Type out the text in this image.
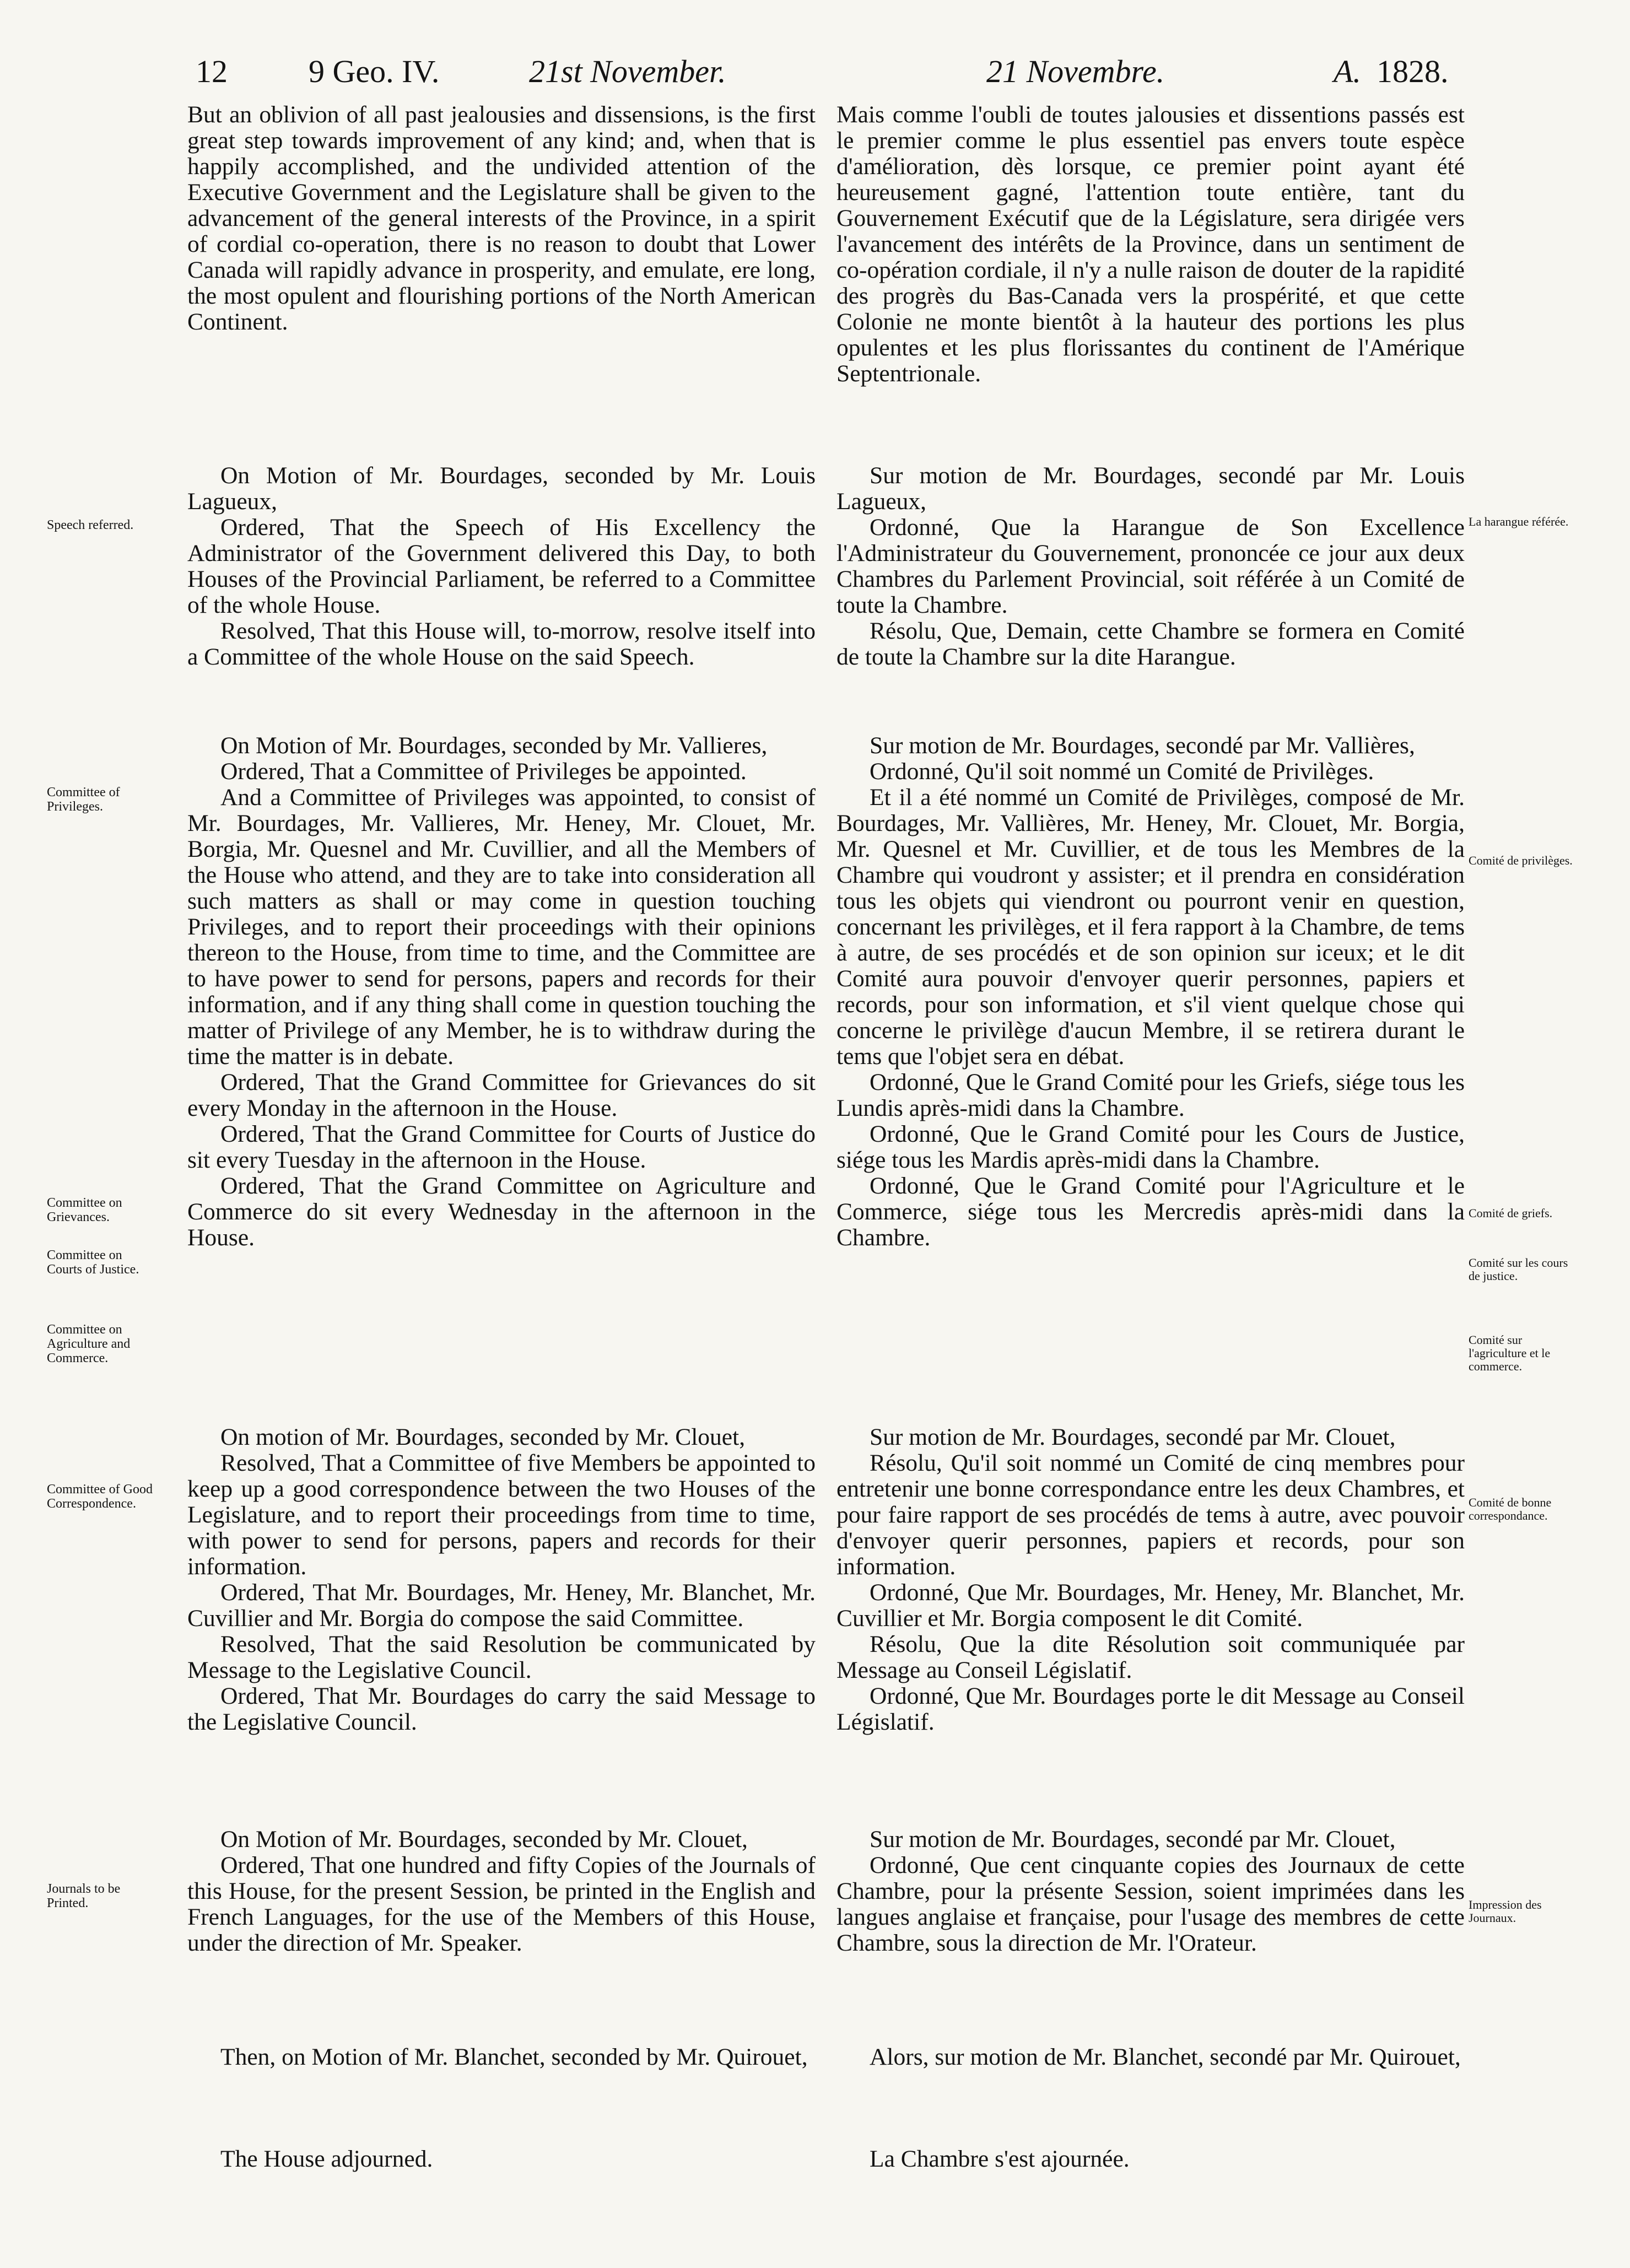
12	9 Geo. IV.	21st November.	21 Novembre.	A. 1828.

But an oblivion of all past jealousies and dissensions, is the first great step towards improvement of any kind; and, when that is happily accomplished, and the undivided attention of the Executive Government and the Legislature shall be given to the advancement of the general interests of the Province, in a spirit of cordial co-operation, there is no reason to doubt that Lower Canada will rapidly advance in prosperity, and emulate, ere long, the most opulent and flourishing portions of the North American Continent.

On Motion of Mr. Bourdages, seconded by Mr. Louis Lagueux,

Ordered, That the Speech of His Excellency the Administrator of the Government delivered this Day, to both Houses of the Provincial Parliament, be referred to a Committee of the whole House.

Resolved, That this House will, to-morrow, resolve itself into a Committee of the whole House on the said Speech.

On Motion of Mr. Bourdages, seconded by Mr. Vallieres,

Ordered, That a Committee of Privileges be appointed.

And a Committee of Privileges was appointed, to consist of Mr. Bourdages, Mr. Vallieres, Mr. Heney, Mr. Clouet, Mr. Borgia, Mr. Quesnel and Mr. Cuvillier, and all the Members of the House who attend, and they are to take into consideration all such matters as shall or may come in question touching Privileges, and to report their proceedings with their opinions thereon to the House, from time to time, and the Committee are to have power to send for persons, papers and records for their information, and if any thing shall come in question touching the matter of Privilege of any Member, he is to withdraw during the time the matter is in debate.

Ordered, That the Grand Committee for Grievances do sit every Monday in the afternoon in the House.

Ordered, That the Grand Committee for Courts of Justice do sit every Tuesday in the afternoon in the House.

Ordered, That the Grand Committee on Agriculture and Commerce do sit every Wednesday in the afternoon in the House.

On motion of Mr. Bourdages, seconded by Mr. Clouet,

Resolved, That a Committee of five Members be appointed to keep up a good correspondence between the two Houses of the Legislature, and to report their proceedings from time to time, with power to send for persons, papers and records for their information.

Ordered, That Mr. Bourdages, Mr. Heney, Mr. Blanchet, Mr. Cuvillier and Mr. Borgia do compose the said Committee.

Resolved, That the said Resolution be communicated by Message to the Legislative Council.

Ordered, That Mr. Bourdages do carry the said Message to the Legislative Council.

On Motion of Mr. Bourdages, seconded by Mr. Clouet,

Ordered, That one hundred and fifty Copies of the Journals of this House, for the present Session, be printed in the English and French Languages, for the use of the Members of this House, under the direction of Mr. Speaker.

Then, on Motion of Mr. Blanchet, seconded by Mr. Quirouet,

The House adjourned.

Mais comme l'oubli de toutes jalousies et dissentions passés est le premier comme le plus essentiel pas envers toute espèce d'amélioration, dès lorsque, ce premier point ayant été heureusement gagné, l'attention toute entière, tant du Gouvernement Exécutif que de la Législature, sera dirigée vers l'avancement des intérêts de la Province, dans un sentiment de co-opération cordiale, il n'y a nulle raison de douter de la rapidité des progrès du Bas-Canada vers la prospérité, et que cette Colonie ne monte bientôt à la hauteur des portions les plus opulentes et les plus florissantes du continent de l'Amérique Septentrionale.

Sur motion de Mr. Bourdages, secondé par Mr. Louis Lagueux,

Ordonné, Que la Harangue de Son Excellence l'Administrateur du Gouvernement, prononcée ce jour aux deux Chambres du Parlement Provincial, soit référée à un Comité de toute la Chambre.

Résolu, Que, Demain, cette Chambre se formera en Comité de toute la Chambre sur la dite Harangue.

Sur motion de Mr. Bourdages, secondé par Mr. Vallières,

Ordonné, Qu'il soit nommé un Comité de Privilèges.

Et il a été nommé un Comité de Privilèges, composé de Mr. Bourdages, Mr. Vallières, Mr. Heney, Mr. Clouet, Mr. Borgia, Mr. Quesnel et Mr. Cuvillier, et de tous les Membres de la Chambre qui voudront y assister; et il prendra en considération tous les objets qui viendront ou pourront venir en question, concernant les privilèges, et il fera rapport à la Chambre, de tems à autre, de ses procédés et de son opinion sur iceux; et le dit Comité aura pouvoir d'envoyer querir personnes, papiers et records, pour son information, et s'il vient quelque chose qui concerne le privilège d'aucun Membre, il se retirera durant le tems que l'objet sera en débat.

Ordonné, Que le Grand Comité pour les Griefs, siége tous les Lundis après-midi dans la Chambre.

Ordonné, Que le Grand Comité pour les Cours de Justice, siége tous les Mardis après-midi dans la Chambre.

Ordonné, Que le Grand Comité pour l'Agriculture et le Commerce, siége tous les Mercredis après-midi dans la Chambre.

Sur motion de Mr. Bourdages, secondé par Mr. Clouet,

Résolu, Qu'il soit nommé un Comité de cinq membres pour entretenir une bonne correspondance entre les deux Chambres, et pour faire rapport de ses procédés de tems à autre, avec pouvoir d'envoyer querir personnes, papiers et records, pour son information.

Ordonné, Que Mr. Bourdages, Mr. Heney, Mr. Blanchet, Mr. Cuvillier et Mr. Borgia composent le dit Comité.

Résolu, Que la dite Résolution soit communiquée par Message au Conseil Législatif.

Ordonné, Que Mr. Bourdages porte le dit Message au Conseil Législatif.

Sur motion de Mr. Bourdages, secondé par Mr. Clouet,

Ordonné, Que cent cinquante copies des Journaux de cette Chambre, pour la présente Session, soient imprimées dans les langues anglaise et française, pour l'usage des membres de cette Chambre, sous la direction de Mr. l'Orateur.

Alors, sur motion de Mr. Blanchet, secondé par Mr. Quirouet,

La Chambre s'est ajournée.

Speech referred.
Committee of Privileges.
Committee on Grievances.
Committee on Courts of Justice.
Committee on Agriculture and Commerce.
Committee of Good Correspondence.
Journals to be Printed.
La harangue référée.
Comité de privilèges.
Comité de griefs.
Comité sur les cours de justice.
Comité sur l'agriculture et le commerce.
Comité de bonne correspondance.
Impression des Journaux.
